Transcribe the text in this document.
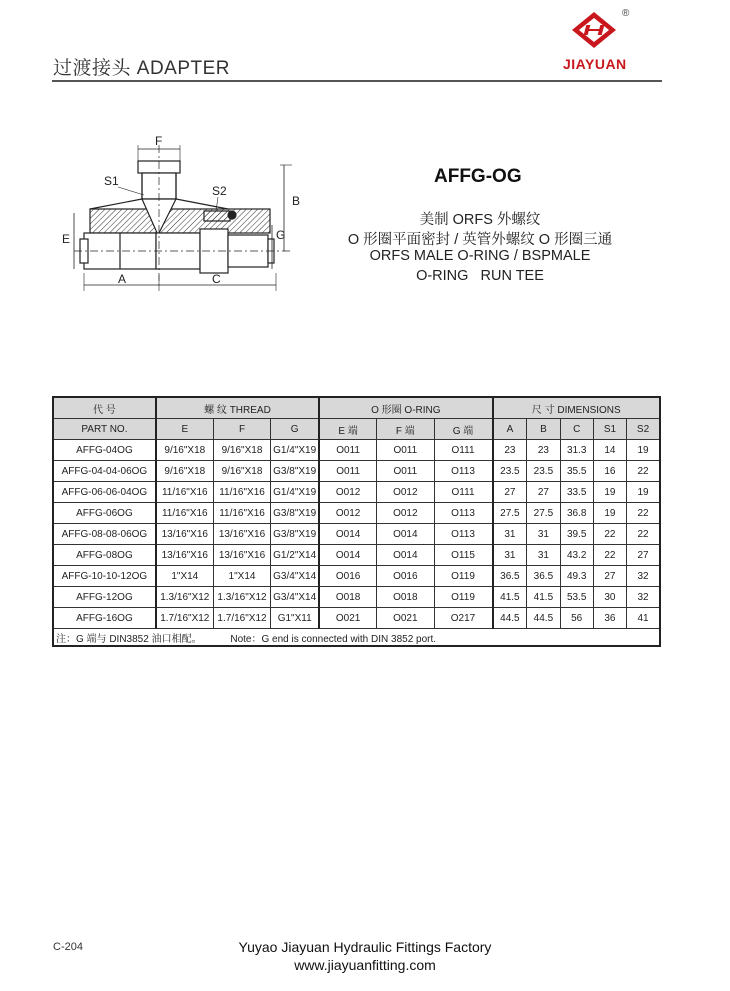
过渡接头 ADAPTER
®
JIAYUAN
F
S1
S2
B
E	G
A	C
AFFG-OG
美制 ORFS 外螺纹
O 形圈平面密封 / 英管外螺纹 O 形圈三通
ORFS MALE O-RING / BSPMALE
O-RING   RUN TEE
代 号	螺 纹 THREAD			O 形圈 O-RING			尺 寸 DIMENSIONS				
PART NO.	E	F	G	E 端	F 端	G 端	A	B	C	S1	S2
AFFG-04OG	9/16"X18	9/16"X18	G1/4"X19	O011	O011	O111	23	23	31.3	14	19
AFFG-04-04-06OG	9/16"X18	9/16"X18	G3/8"X19	O011	O011	O113	23.5	23.5	35.5	16	22
AFFG-06-06-04OG	11/16"X16	11/16"X16	G1/4"X19	O012	O012	O111	27	27	33.5	19	19
AFFG-06OG	11/16"X16	11/16"X16	G3/8"X19	O012	O012	O113	27.5	27.5	36.8	19	22
AFFG-08-08-06OG	13/16"X16	13/16"X16	G3/8"X19	O014	O014	O113	31	31	39.5	22	22
AFFG-08OG	13/16"X16	13/16"X16	G1/2"X14	O014	O014	O115	31	31	43.2	22	27
AFFG-10-10-12OG	1"X14	1"X14	G3/4"X14	O016	O016	O119	36.5	36.5	49.3	27	32
AFFG-12OG	1.3/16"X12	1.3/16"X12	G3/4"X14	O018	O018	O119	41.5	41.5	53.5	30	32
AFFG-16OG	1.7/16"X12	1.7/16"X12	G1"X11	O021	O021	O217	44.5	44.5	56	36	41
注：G 端与 DIN3852 油口相配。 Note：G end is connected with DIN 3852 port.											
C-204	Yuyao Jiayuan Hydraulic Fittings Factory
www.jiayuanfitting.com
